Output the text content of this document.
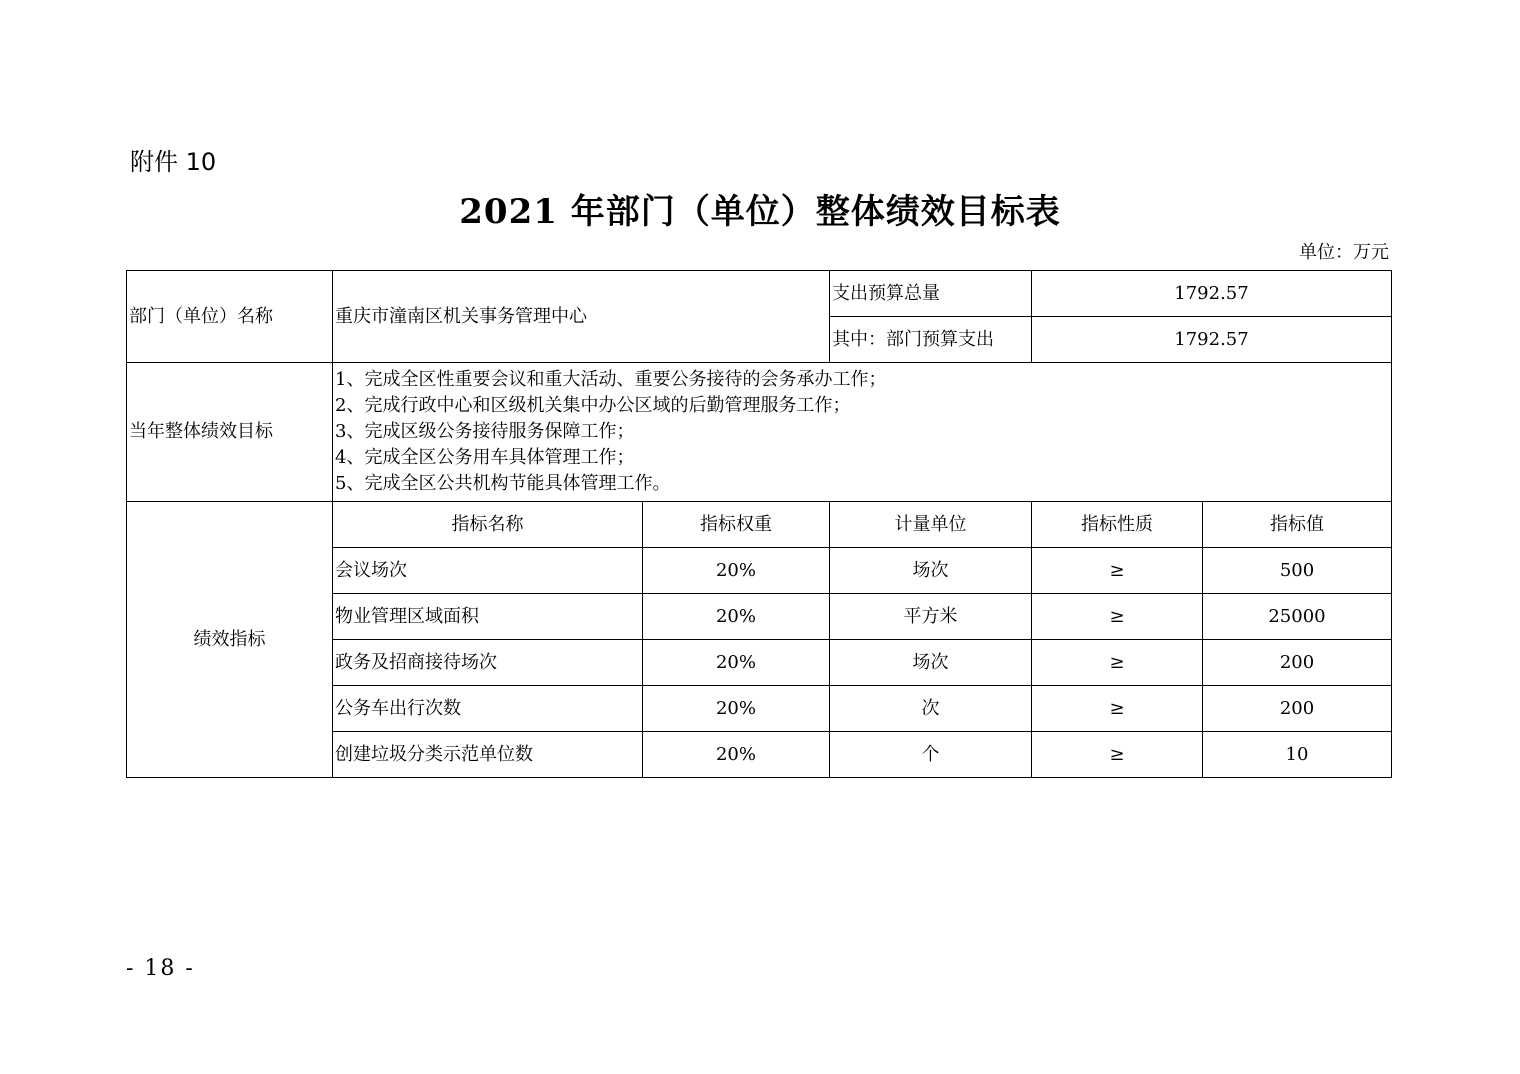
附件 10
2021 年部门（单位）整体绩效目标表
单位：万元
部门（单位）名称	重庆市潼南区机关事务管理中心		支出预算总量	1792.57	
			其中：部门预算支出	1792.57	
当年整体绩效目标	1、完成全区性重要会议和重大活动、重要公务接待的会务承办工作；
2、完成行政中心和区级机关集中办公区域的后勤管理服务工作；
3、完成区级公务接待服务保障工作；
4、完成全区公务用车具体管理工作；
5、完成全区公共机构节能具体管理工作。				

绩效指标	指标名称	指标权重	计量单位	指标性质	指标值
	会议场次	20%	场次	≥	500
	物业管理区域面积	20%	平方米	≥	25000
	政务及招商接待场次	20%	场次	≥	200
	公务车出行次数	20%	次	≥	200
	创建垃圾分类示范单位数	20%	个	≥	10
- 18 -
